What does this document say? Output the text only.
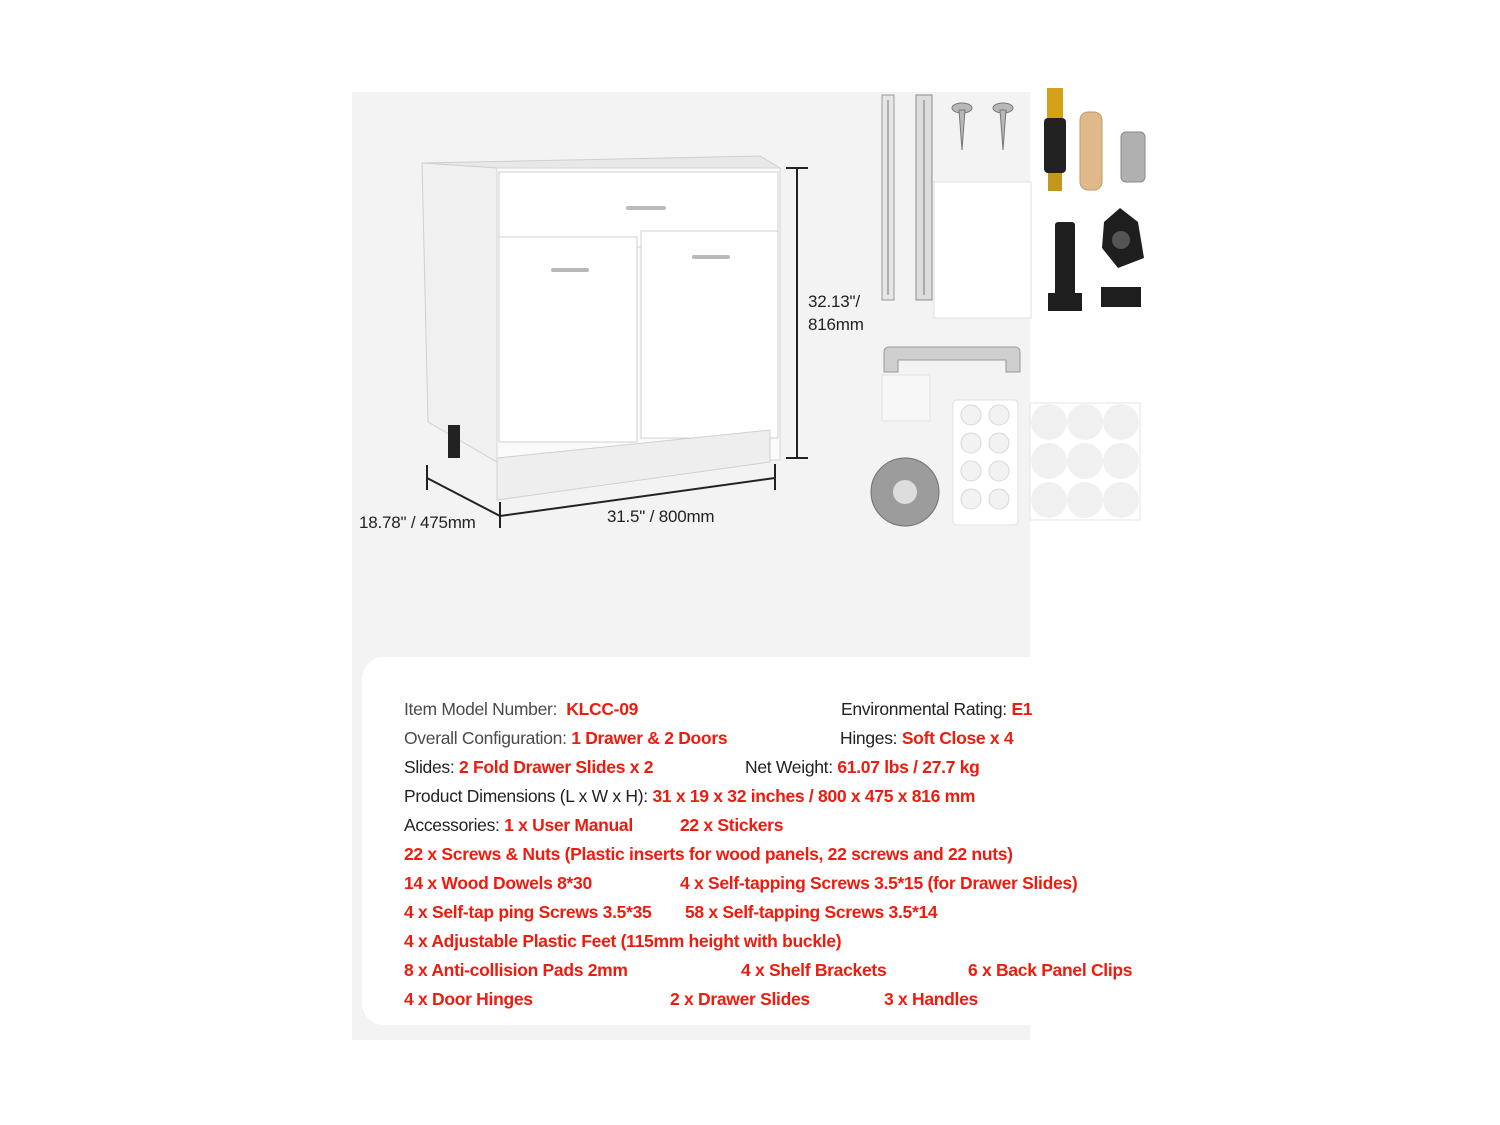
32.13"/
816mm
31.5" / 800mm
18.78" / 475mm
Item Model Number: KLCC-09	Environmental Rating: E1
Overall Configuration: 1 Drawer & 2 Doors	Hinges: Soft Close x 4
Slides: 2 Fold Drawer Slides x 2	Net Weight: 61.07 lbs / 27.7 kg
Product Dimensions (L x W x H): 31 x 19 x 32 inches / 800 x 475 x 816 mm
Accessories: 1 x User Manual	22 x Stickers
22 x Screws & Nuts (Plastic inserts for wood panels, 22 screws and 22 nuts)
14 x Wood Dowels 8*30	4 x Self-tapping Screws 3.5*15 (for Drawer Slides)
4 x Self-tap ping Screws 3.5*35 58 x Self-tapping Screws 3.5*14
4 x Adjustable Plastic Feet (115mm height with buckle)
8 x Anti-collision Pads 2mm	4 x Shelf Brackets	6 x Back Panel Clips
4 x Door Hinges	2 x Drawer Slides	3 x Handles
